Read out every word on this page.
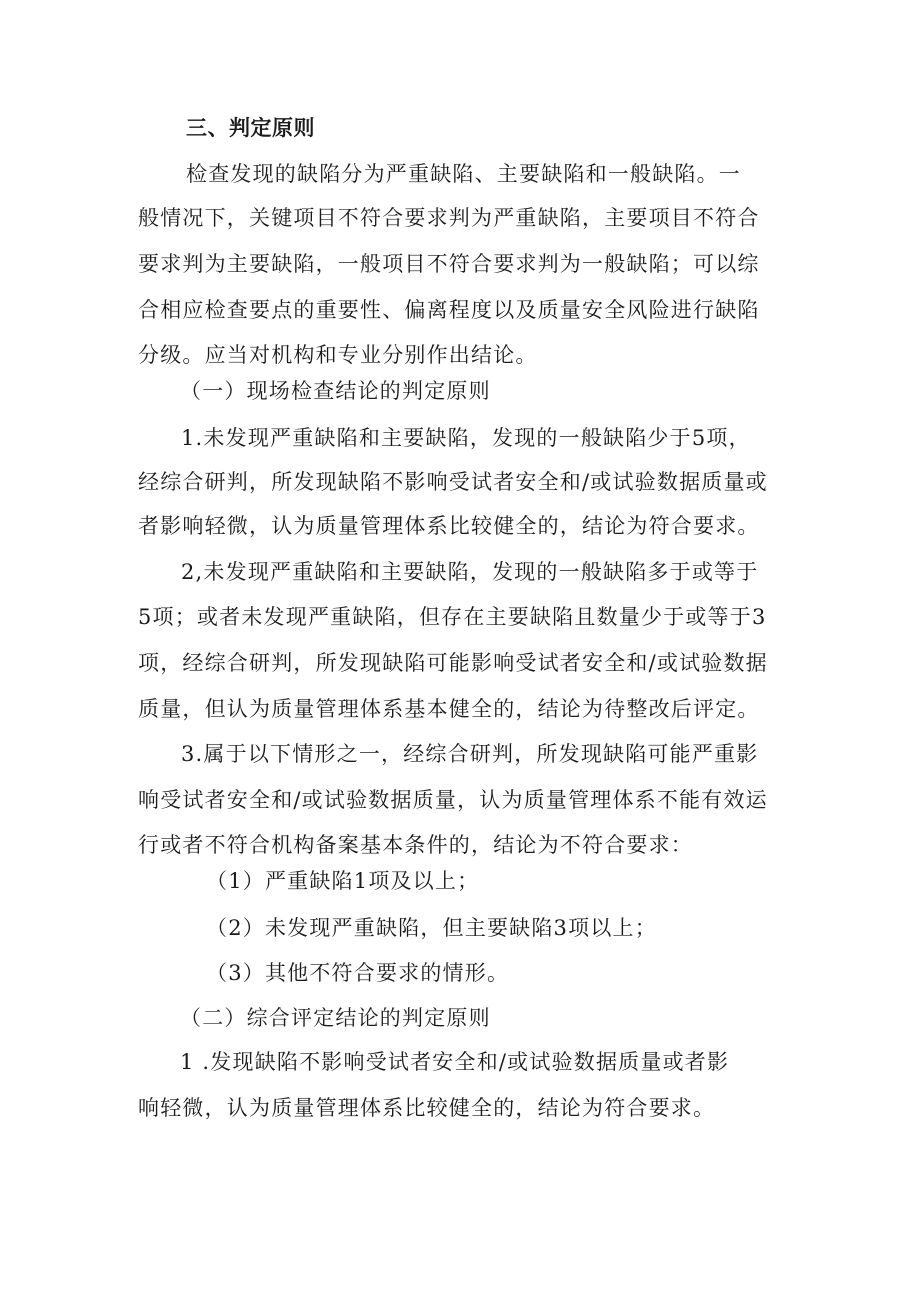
三、判定原则
检查发现的缺陷分为严重缺陷、主要缺陷和一般缺陷。一
般情况下，关键项目不符合要求判为严重缺陷，主要项目不符合
要求判为主要缺陷，一般项目不符合要求判为一般缺陷；可以综
合相应检查要点的重要性、偏离程度以及质量安全风险进行缺陷
分级。应当对机构和专业分别作出结论。
（一）现场检查结论的判定原则
1.未发现严重缺陷和主要缺陷，发现的一般缺陷少于5项，
经综合研判，所发现缺陷不影响受试者安全和/或试验数据质量或
者影响轻微，认为质量管理体系比较健全的，结论为符合要求。
2,未发现严重缺陷和主要缺陷，发现的一般缺陷多于或等于
5项；或者未发现严重缺陷，但存在主要缺陷且数量少于或等于3
项，经综合研判，所发现缺陷可能影响受试者安全和/或试验数据
质量，但认为质量管理体系基本健全的，结论为待整改后评定。
3.属于以下情形之一，经综合研判，所发现缺陷可能严重影
响受试者安全和/或试验数据质量，认为质量管理体系不能有效运
行或者不符合机构备案基本条件的，结论为不符合要求：
（1）严重缺陷1项及以上；
（2）未发现严重缺陷，但主要缺陷3项以上；
（3）其他不符合要求的情形。
（二）综合评定结论的判定原则
1 .发现缺陷不影响受试者安全和/或试验数据质量或者影
响轻微，认为质量管理体系比较健全的，结论为符合要求。
